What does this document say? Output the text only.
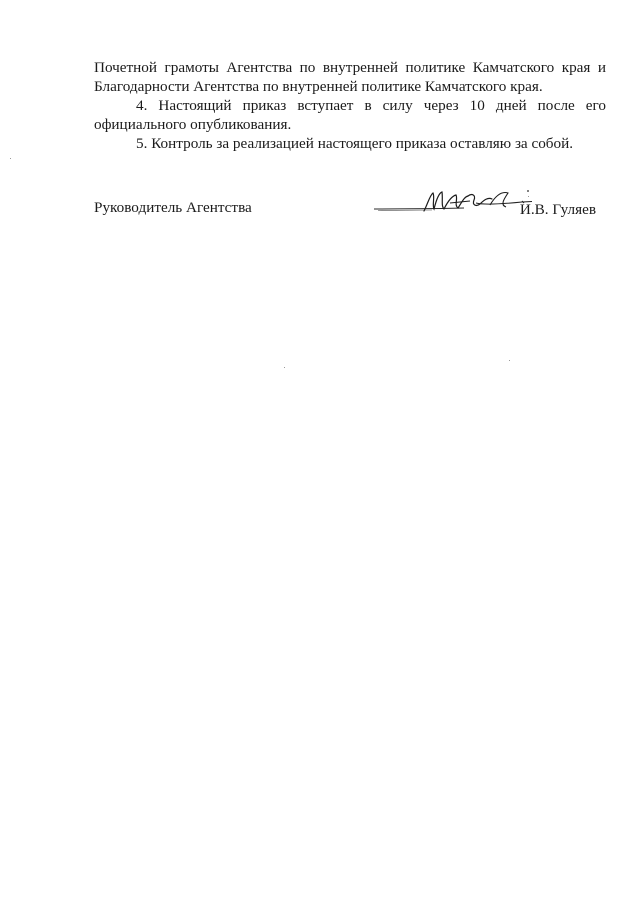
Почетной грамоты Агентства по внутренней политике Камчатского края и
Благодарности Агентства по внутренней политике Камчатского края.

4. Настоящий приказ вступает в силу через 10 дней после его
официального опубликования.

5. Контроль за реализацией настоящего приказа оставляю за собой.

Руководитель Агентства	И.В. Гуляев
